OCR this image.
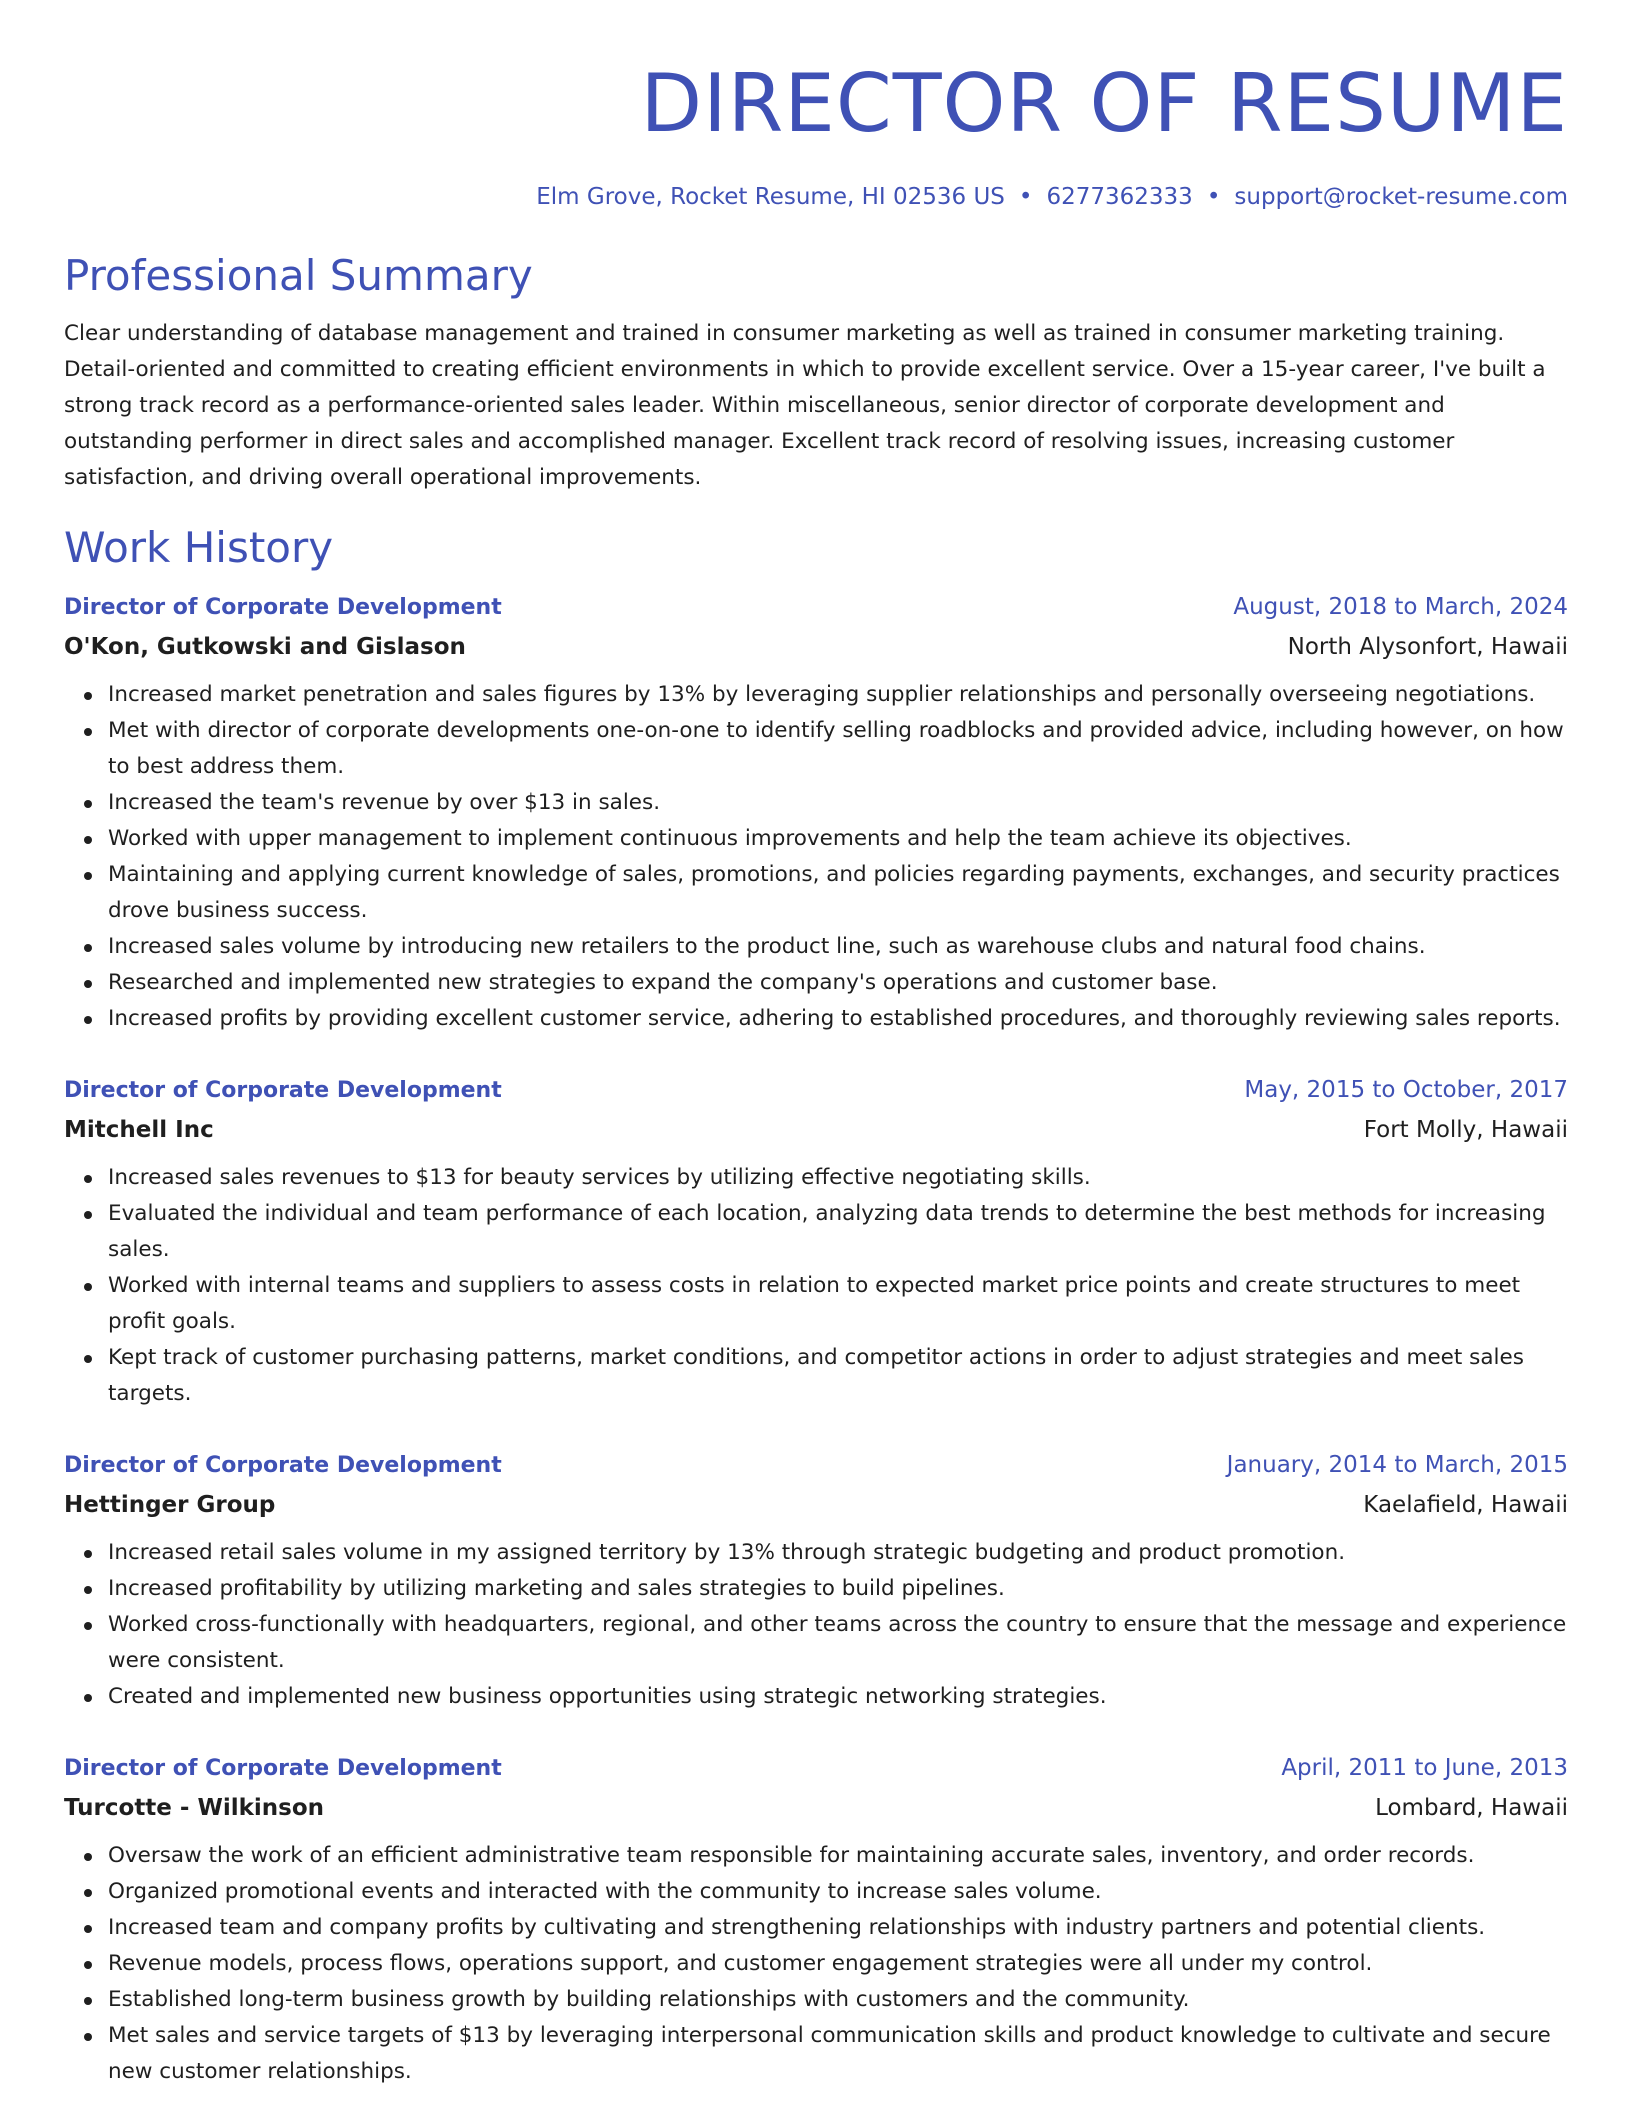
DIRECTOR OF RESUME
Elm Grove, Rocket Resume, HI 02536 US • 6277362333 • support@rocket-resume.com
Professional Summary
Clear understanding of database management and trained in consumer marketing as well as trained in consumer marketing training. Detail-oriented and committed to creating efficient environments in which to provide excellent service. Over a 15-year career, I've built a strong track record as a performance-oriented sales leader. Within miscellaneous, senior director of corporate development and outstanding performer in direct sales and accomplished manager. Excellent track record of resolving issues, increasing customer satisfaction, and driving overall operational improvements.
Work History
Director of Corporate Development	August, 2018 to March, 2024
O'Kon, Gutkowski and Gislason	North Alysonfort, Hawaii
Increased market penetration and sales figures by 13% by leveraging supplier relationships and personally overseeing negotiations.
Met with director of corporate developments one-on-one to identify selling roadblocks and provided advice, including however, on how to best address them.
Increased the team's revenue by over $13 in sales.
Worked with upper management to implement continuous improvements and help the team achieve its objectives.
Maintaining and applying current knowledge of sales, promotions, and policies regarding payments, exchanges, and security practices drove business success.
Increased sales volume by introducing new retailers to the product line, such as warehouse clubs and natural food chains.
Researched and implemented new strategies to expand the company's operations and customer base.
Increased profits by providing excellent customer service, adhering to established procedures, and thoroughly reviewing sales reports.
Director of Corporate Development	May, 2015 to October, 2017
Mitchell Inc	Fort Molly, Hawaii
Increased sales revenues to $13 for beauty services by utilizing effective negotiating skills.
Evaluated the individual and team performance of each location, analyzing data trends to determine the best methods for increasing sales.
Worked with internal teams and suppliers to assess costs in relation to expected market price points and create structures to meet profit goals.
Kept track of customer purchasing patterns, market conditions, and competitor actions in order to adjust strategies and meet sales targets.
Director of Corporate Development	January, 2014 to March, 2015
Hettinger Group	Kaelafield, Hawaii
Increased retail sales volume in my assigned territory by 13% through strategic budgeting and product promotion.
Increased profitability by utilizing marketing and sales strategies to build pipelines.
Worked cross-functionally with headquarters, regional, and other teams across the country to ensure that the message and experience were consistent.
Created and implemented new business opportunities using strategic networking strategies.
Director of Corporate Development	April, 2011 to June, 2013
Turcotte - Wilkinson	Lombard, Hawaii
Oversaw the work of an efficient administrative team responsible for maintaining accurate sales, inventory, and order records.
Organized promotional events and interacted with the community to increase sales volume.
Increased team and company profits by cultivating and strengthening relationships with industry partners and potential clients.
Revenue models, process flows, operations support, and customer engagement strategies were all under my control.
Established long-term business growth by building relationships with customers and the community.
Met sales and service targets of $13 by leveraging interpersonal communication skills and product knowledge to cultivate and secure new customer relationships.
